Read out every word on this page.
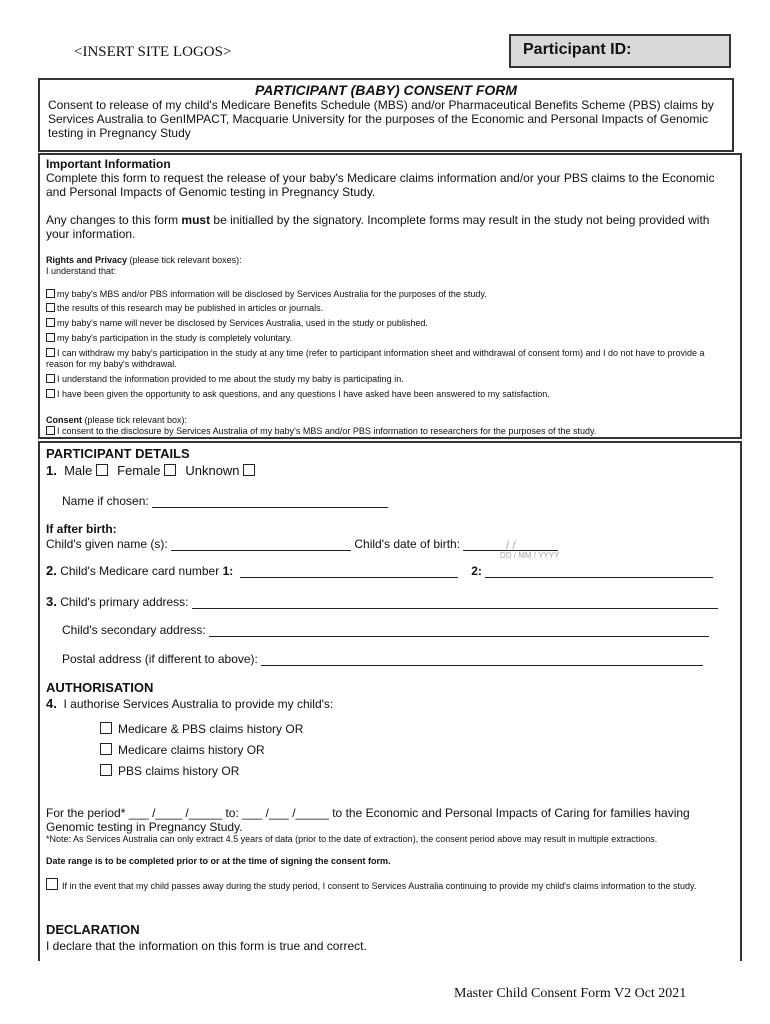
<INSERT SITE LOGOS>	Participant ID:
PARTICIPANT (BABY) CONSENT FORM
Consent to release of my child's Medicare Benefits Schedule (MBS) and/or Pharmaceutical Benefits Scheme (PBS) claims by Services Australia to GenIMPACT, Macquarie University for the purposes of the Economic and Personal Impacts of Genomic testing in Pregnancy Study
Important Information
Complete this form to request the release of your baby's Medicare claims information and/or your PBS claims to the Economic and Personal Impacts of Genomic testing in Pregnancy Study.
Any changes to this form must be initialled by the signatory. Incomplete forms may result in the study not being provided with your information.
Rights and Privacy (please tick relevant boxes):
I understand that:
my baby's MBS and/or PBS information will be disclosed by Services Australia for the purposes of the study.
the results of this research may be published in articles or journals.
my baby's name will never be disclosed by Services Australia, used in the study or published.
my baby's participation in the study is completely voluntary.
I can withdraw my baby's participation in the study at any time (refer to participant information sheet and withdrawal of consent form) and I do not have to provide a reason for my baby's withdrawal.
I understand the information provided to me about the study my baby is participating in.
I have been given the opportunity to ask questions, and any questions I have asked have been answered to my satisfaction.
Consent (please tick relevant box):
I consent to the disclosure by Services Australia of my baby's MBS and/or PBS information to researchers for the purposes of the study.
PARTICIPANT DETAILS
1. Male Female Unknown
Name if chosen:
If after birth:
Child's given name (s):	Child's date of birth:	/ /
DD / MM / YYYY
2. Child's Medicare card number 1:	2:
3. Child's primary address:
Child's secondary address:
Postal address (if different to above):
AUTHORISATION
4. I authorise Services Australia to provide my child's:
Medicare & PBS claims history OR
Medicare claims history OR
PBS claims history OR
For the period* ___ /____ /_____ to: ___ /___ /_____ to the Economic and Personal Impacts of Caring for families having Genomic testing in Pregnancy Study.
*Note: As Services Australia can only extract 4.5 years of data (prior to the date of extraction), the consent period above may result in multiple extractions.
Date range is to be completed prior to or at the time of signing the consent form.
If in the event that my child passes away during the study period, I consent to Services Australia continuing to provide my child's claims information to the study.
DECLARATION
I declare that the information on this form is true and correct.
Master Child Consent Form V2 Oct 2021
